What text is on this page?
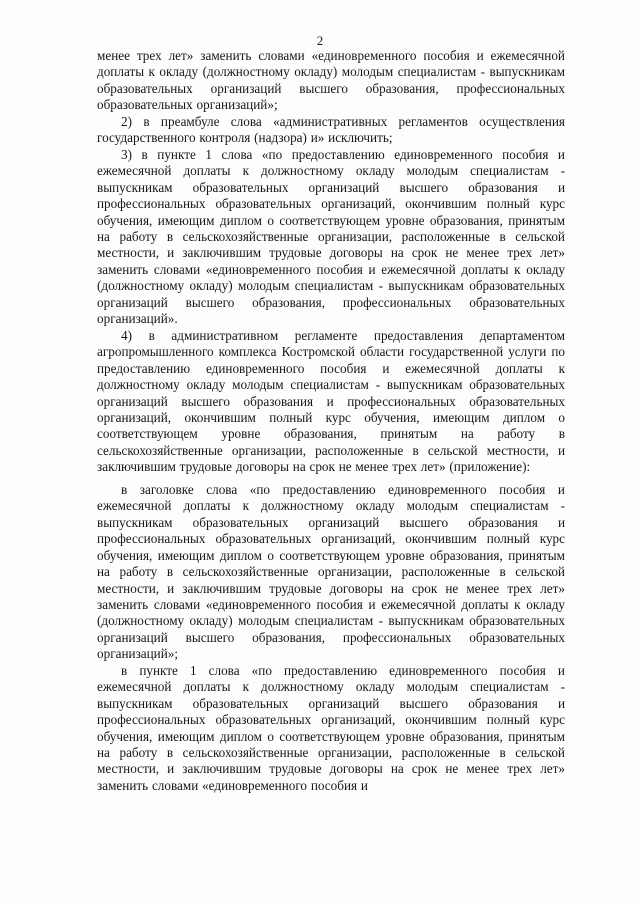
2

менее трех лет» заменить словами «единовременного пособия и ежемесячной доплаты к окладу (должностному окладу) молодым специалистам - выпускникам образовательных организаций высшего образования, профессиональных образовательных организаций»;

2) в преамбуле слова «административных регламентов осуществления государственного контроля (надзора) и» исключить;

3) в пункте 1 слова «по предоставлению единовременного пособия и ежемесячной доплаты к должностному окладу молодым специалистам - выпускникам образовательных организаций высшего образования и профессиональных образовательных организаций, окончившим полный курс обучения, имеющим диплом о соответствующем уровне образования, принятым на работу в сельскохозяйственные организации, расположенные в сельской местности, и заключившим трудовые договоры на срок не менее трех лет» заменить словами «единовременного пособия и ежемесячной доплаты к окладу (должностному окладу) молодым специалистам - выпускникам образовательных организаций высшего образования, профессиональных образовательных организаций».

4) в административном регламенте предоставления департаментом агропромышленного комплекса Костромской области государственной услуги по предоставлению единовременного пособия и ежемесячной доплаты к должностному окладу молодым специалистам - выпускникам образовательных организаций высшего образования и профессиональных образовательных организаций, окончившим полный курс обучения, имеющим диплом о соответствующем уровне образования, принятым на работу в сельскохозяйственные организации, расположенные в сельской местности, и заключившим трудовые договоры на срок не менее трех лет» (приложение):

в заголовке слова «по предоставлению единовременного пособия и ежемесячной доплаты к должностному окладу молодым специалистам - выпускникам образовательных организаций высшего образования и профессиональных образовательных организаций, окончившим полный курс обучения, имеющим диплом о соответствующем уровне образования, принятым на работу в сельскохозяйственные организации, расположенные в сельской местности, и заключившим трудовые договоры на срок не менее трех лет» заменить словами «единовременного пособия и ежемесячной доплаты к окладу (должностному окладу) молодым специалистам - выпускникам образовательных организаций высшего образования, профессиональных образовательных организаций»;

в пункте 1 слова «по предоставлению единовременного пособия и ежемесячной доплаты к должностному окладу молодым специалистам - выпускникам образовательных организаций высшего образования и профессиональных образовательных организаций, окончившим полный курс обучения, имеющим диплом о соответствующем уровне образования, принятым на работу в сельскохозяйственные организации, расположенные в сельской местности, и заключившим трудовые договоры на срок не менее трех лет» заменить словами «единовременного пособия и
